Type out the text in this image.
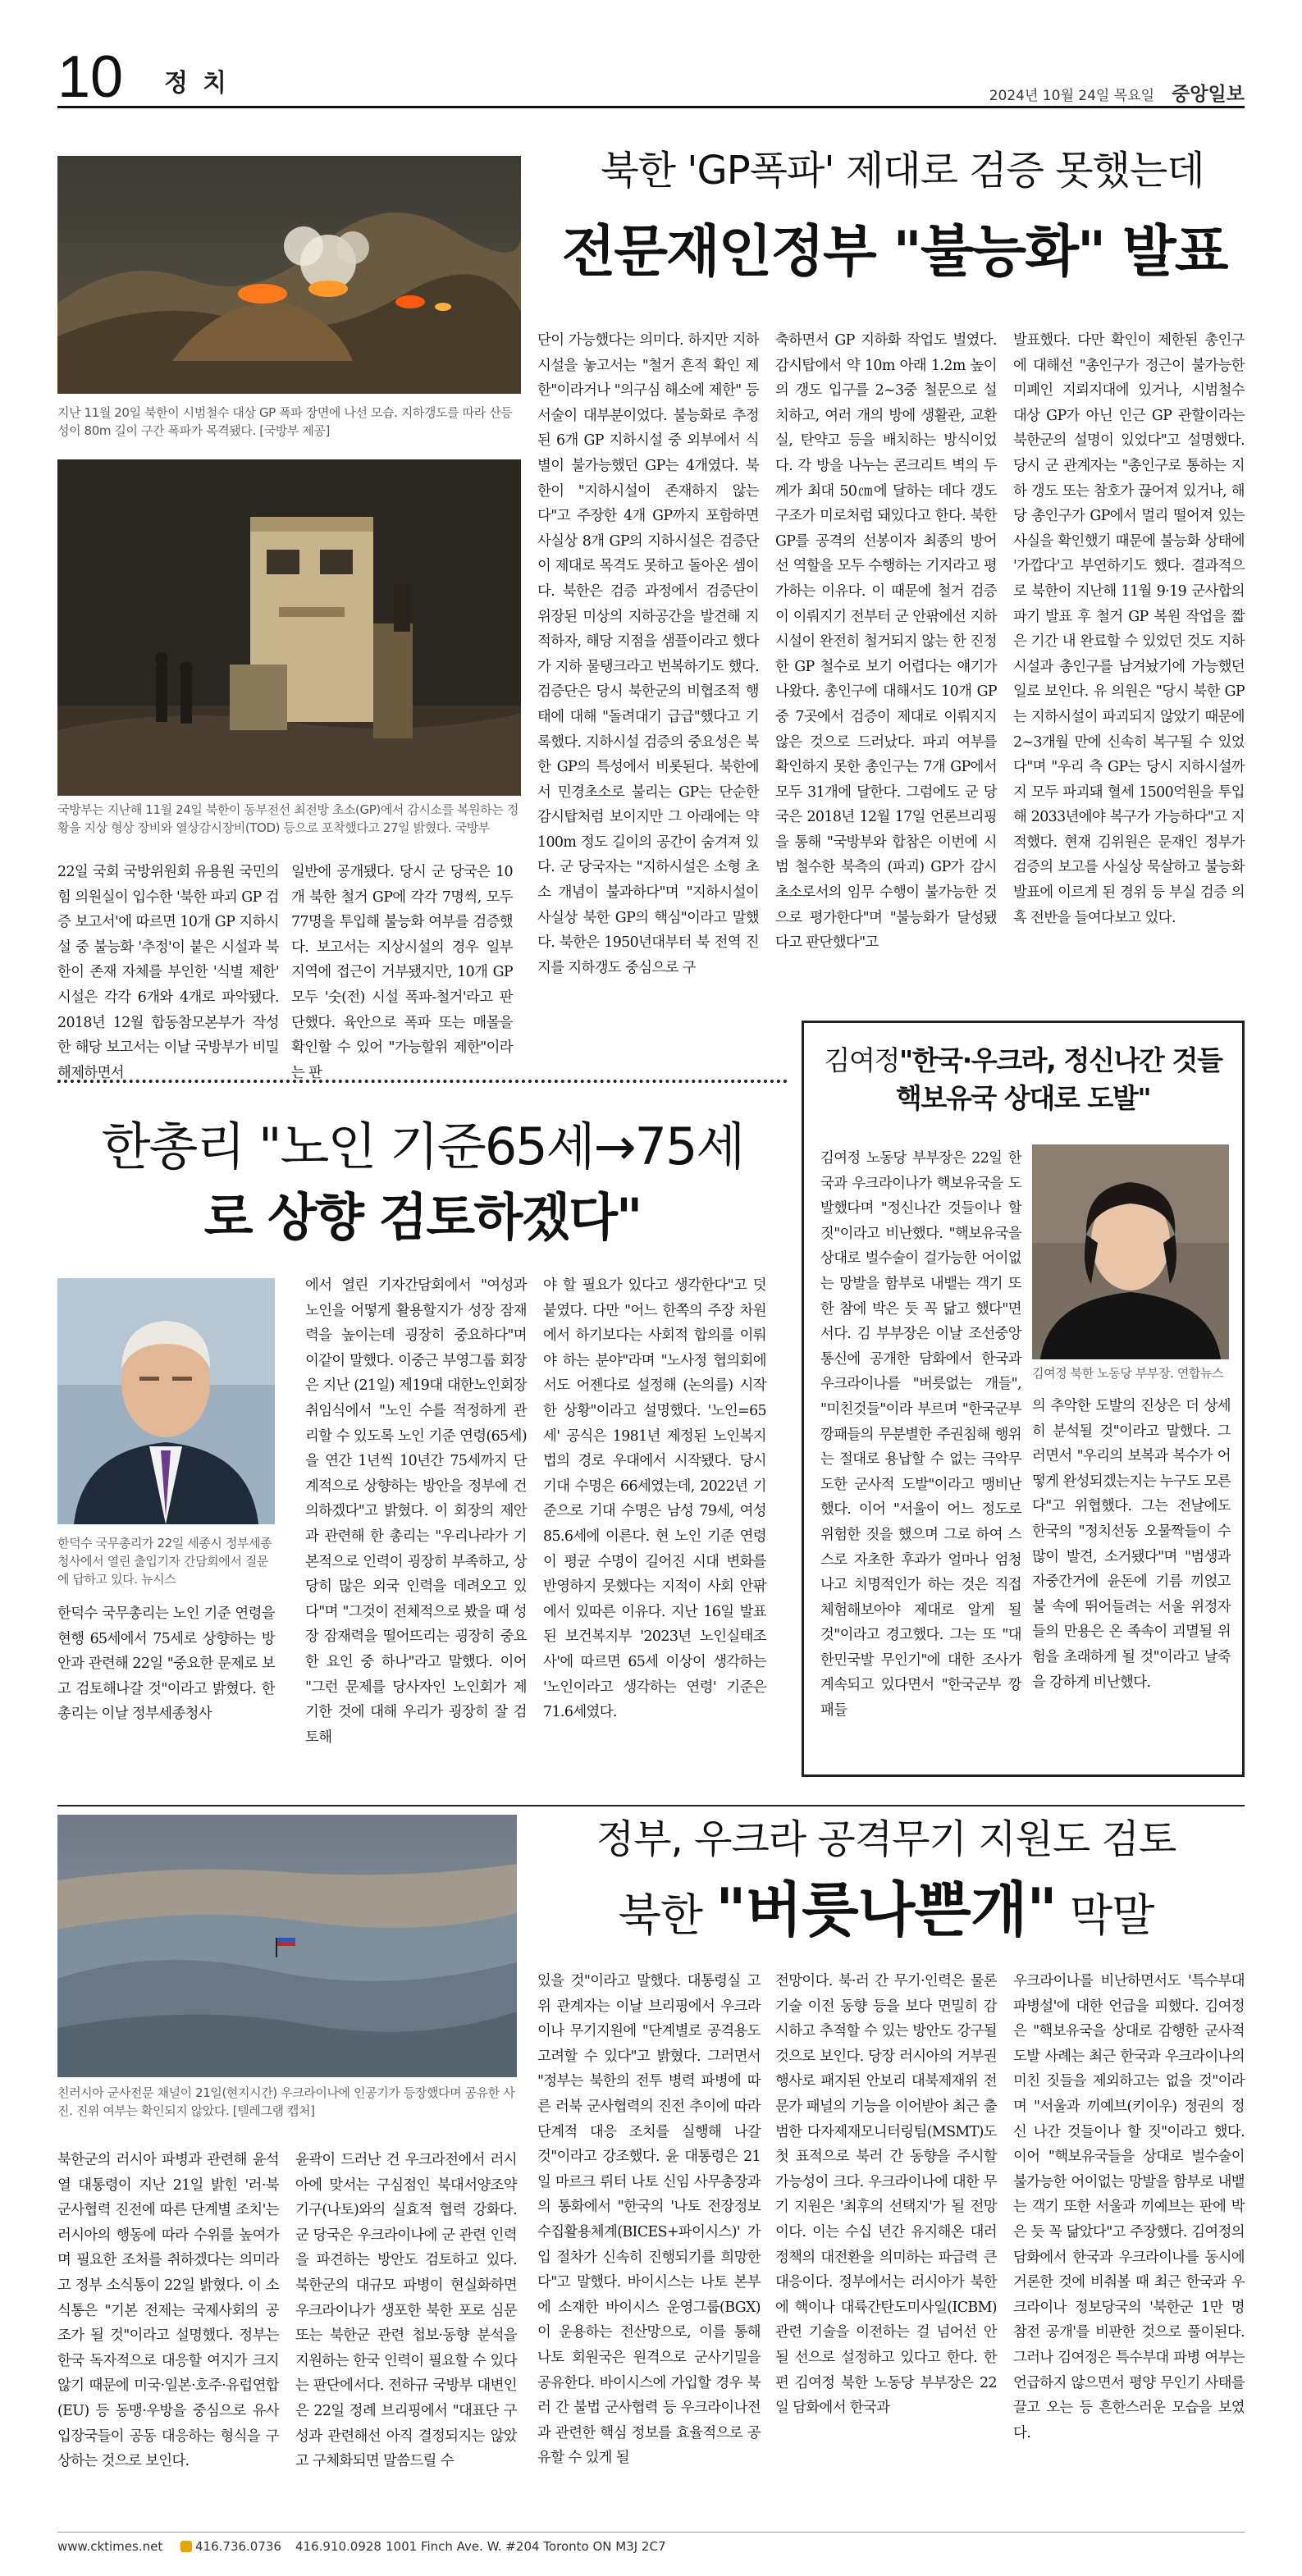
10 정치	2024년 10월 24일 목요일 중앙일보
지난 11월 20일 북한이 시범철수 대상 GP 폭파 장면에 나선 모습. 지하갱도를 따라 산등성이 80m 길이 구간 폭파가 목격됐다. [국방부 제공]
국방부는 지난해 11월 24일 북한이 동부전선 최전방 초소(GP)에서 감시소를 복원하는 정황을 지상 형상 장비와 열상감시장비(TOD) 등으로 포착했다고 27일 밝혔다. 국방부
북한 'GP폭파' 제대로 검증 못했는데
전문재인정부 "불능화" 발표
22일 국회 국방위원회 유용원 국민의힘 의원실이 입수한 '북한 파괴 GP 검증 보고서'에 따르면 10개 GP 지하시설 중 불능화 '추정'이 붙은 시설과 북한이 존재 자체를 부인한 '식별 제한' 시설은 각각 6개와 4개로 파악됐다. 2018년 12월 합동참모본부가 작성한 해당 보고서는 이날 국방부가 비밀해제하면서
일반에 공개됐다. 당시 군 당국은 10개 북한 철거 GP에 각각 7명씩, 모두 77명을 투입해 불능화 여부를 검증했다. 보고서는 지상시설의 경우 일부 지역에 접근이 거부됐지만, 10개 GP 모두 '숫(전) 시설 폭파-철거'라고 판단했다. 육안으로 폭파 또는 매몰을 확인할 수 있어 "가능할위 제한"이라는 판
단이 가능했다는 의미다. 하지만 지하시설을 놓고서는 "철거 흔적 확인 제한"이라거나 "의구심 해소에 제한" 등 서술이 대부분이었다. 불능화로 추정된 6개 GP 지하시설 중 외부에서 식별이 불가능했던 GP는 4개였다. 북한이 "지하시설이 존재하지 않는다"고 주장한 4개 GP까지 포함하면 사실상 8개 GP의 지하시설은 검증단이 제대로 목격도 못하고 돌아온 셈이다. 북한은 검증 과정에서 검증단이 위장된 미상의 지하공간을 발견해 지적하자, 해당 지점을 샘플이라고 했다가 지하 물탱크라고 번복하기도 했다. 검증단은 당시 북한군의 비협조적 행태에 대해 "돌려대기 급급"했다고 기록했다. 지하시설 검증의 중요성은 북한 GP의 특성에서 비롯된다. 북한에서 민경초소로 불리는 GP는 단순한 감시탑처럼 보이지만 그 아래에는 약 100m 정도 길이의 공간이 숨겨져 있다. 군 당국자는 "지하시설은 소형 초소 개념이 불과하다"며 "지하시설이 사실상 북한 GP의 핵심"이라고 말했다. 북한은 1950년대부터 북 전역 진지를 지하갱도 중심으로 구
축하면서 GP 지하화 작업도 벌였다. 감시탑에서 약 10m 아래 1.2m 높이의 갱도 입구를 2~3중 철문으로 설치하고, 여러 개의 방에 생활관, 교환실, 탄약고 등을 배치하는 방식이었다. 각 방을 나누는 콘크리트 벽의 두께가 최대 50㎝에 달하는 데다 갱도 구조가 미로처럼 돼있다고 한다. 북한 GP를 공격의 선봉이자 최종의 방어선 역할을 모두 수행하는 기지라고 평가하는 이유다. 이 때문에 철거 검증이 이뤄지기 전부터 군 안팎에선 지하시설이 완전히 철거되지 않는 한 진정한 GP 철수로 보기 어렵다는 얘기가 나왔다. 총인구에 대해서도 10개 GP 중 7곳에서 검증이 제대로 이뤄지지 않은 것으로 드러났다. 파괴 여부를 확인하지 못한 총인구는 7개 GP에서 모두 31개에 달한다. 그럼에도 군 당국은 2018년 12월 17일 언론브리핑을 통해 "국방부와 합참은 이번에 시범 철수한 북측의 (파괴) GP가 감시초소로서의 임무 수행이 불가능한 것으로 평가한다"며 "불능화가 달성됐다고 판단했다"고
발표했다. 다만 확인이 제한된 총인구에 대해선 "총인구가 정근이 불가능한 미폐인 지뢰지대에 있거나, 시범철수 대상 GP가 아닌 인근 GP 관할이라는 북한군의 설명이 있었다"고 설명했다. 당시 군 관계자는 "총인구로 통하는 지하 갱도 또는 참호가 끊어져 있거나, 해당 총인구가 GP에서 멀리 떨어져 있는 사실을 확인했기 때문에 불능화 상태에 '가깝다'고 부연하기도 했다. 결과적으로 북한이 지난해 11월 9·19 군사합의 파기 발표 후 철거 GP 복원 작업을 짧은 기간 내 완료할 수 있었던 것도 지하시설과 총인구를 남겨놨기에 가능했던 일로 보인다. 유 의원은 "당시 북한 GP는 지하시설이 파괴되지 않았기 때문에 2~3개월 만에 신속히 복구될 수 있었다"며 "우리 측 GP는 당시 지하시설까지 모두 파괴돼 혈세 1500억원을 투입해 2033년에야 복구가 가능하다"고 지적했다. 현재 김위원은 문재인 정부가 검증의 보고를 사실상 묵살하고 불능화 발표에 이르게 된 경위 등 부실 검증 의혹 전반을 들여다보고 있다.
한총리 "노인 기준65세→75세
로 상향 검토하겠다"
한덕수 국무총리가 22일 세종시 정부세종청사에서 열린 출입기자 간담회에서 질문에 답하고 있다. 뉴시스
한덕수 국무총리는 노인 기준 연령을 현행 65세에서 75세로 상향하는 방안과 관련해 22일 "중요한 문제로 보고 검토해나갈 것"이라고 밝혔다. 한 총리는 이날 정부세종청사
에서 열린 기자간담회에서 "여성과 노인을 어떻게 활용할지가 성장 잠재력을 높이는데 굉장히 중요하다"며 이같이 말했다. 이중근 부영그룹 회장은 지난 (21일) 제19대 대한노인회장 취임식에서 "노인 수를 적정하게 관리할 수 있도록 노인 기준 연령(65세)을 연간 1년씩 10년간 75세까지 단계적으로 상향하는 방안을 정부에 건의하겠다"고 밝혔다. 이 회장의 제안과 관련해 한 총리는 "우리나라가 기본적으로 인력이 굉장히 부족하고, 상당히 많은 외국 인력을 데려오고 있다"며 "그것이 전체적으로 봤을 때 성장 잠재력을 떨어뜨리는 굉장히 중요한 요인 중 하나"라고 말했다. 이어 "그런 문제를 당사자인 노인회가 제기한 것에 대해 우리가 굉장히 잘 검토해
야 할 필요가 있다고 생각한다"고 덧붙였다. 다만 "어느 한쪽의 주장 차원에서 하기보다는 사회적 합의를 이뤄야 하는 분야"라며 "노사정 협의회에서도 어젠다로 설정해 (논의를) 시작한 상황"이라고 설명했다. '노인=65세' 공식은 1981년 제정된 노인복지법의 경로 우대에서 시작됐다. 당시 기대 수명은 66세였는데, 2022년 기준으로 기대 수명은 남성 79세, 여성 85.6세에 이른다. 현 노인 기준 연령이 평균 수명이 길어진 시대 변화를 반영하지 못했다는 지적이 사회 안팎에서 있따른 이유다. 지난 16일 발표된 보건복지부 '2023년 노인실태조사'에 따르면 65세 이상이 생각하는 '노인이라고 생각하는 연령' 기준은 71.6세였다.
김여정"한국·우크라, 정신나간 것들
핵보유국 상대로 도발"
김여정 노동당 부부장은 22일 한국과 우크라이나가 핵보유국을 도발했다며 "정신나간 것들이나 할 짓"이라고 비난했다. "핵보유국을 상대로 벌수술이 걸가능한 어이없는 망발을 함부로 내뱉는 객기 또한 참에 박은 듯 꼭 닮고 했다"면서다. 김 부부장은 이날 조선중앙통신에 공개한 담화에서 한국과 우크라이나를 "버릇없는 개들", "미친것들"이라 부르며 "한국군부 깡패들의 무분별한 주권침해 행위는 절대로 용납할 수 없는 극악무도한 군사적 도발"이라고 맹비난했다. 이어 "서울이 어느 정도로 위험한 짓을 했으며 그로 하여 스스로 자초한 후과가 얼마나 엄청나고 치명적인가 하는 것은 직접 체험해보아야 제대로 알게 될 것"이라고 경고했다. 그는 또 "대한민국발 무인기"에 대한 조사가 계속되고 있다면서 "한국군부 깡패들
김여정 북한 노동당 부부장. 연합뉴스
의 추악한 도발의 진상은 더 상세히 분석될 것"이라고 말했다. 그러면서 "우리의 보복과 복수가 어떻게 완성되겠는지는 누구도 모른다"고 위협했다. 그는 전날에도 한국의 "정치선동 오물짝들이 수많이 발견, 소거됐다"며 "범생과 자중간거에 윤돈에 기름 끼얹고 불 속에 뛰어들려는 서울 위정자들의 만용은 온 족속이 괴멸될 위험을 초래하게 될 것"이라고 날죽을 강하게 비난했다.
친러시아 군사전문 채널이 21일(현지시간) 우크라이나에 인공기가 등장했다며 공유한 사진. 진위 여부는 확인되지 않았다. [텔레그램 캡처]
정부, 우크라 공격무기 지원도 검토
북한 "버릇나쁜개" 막말
북한군의 러시아 파병과 관련해 윤석열 대통령이 지난 21일 밝힌 '러·북 군사협력 진전에 따른 단계별 조치'는 러시아의 행동에 따라 수위를 높여가며 필요한 조처를 취하겠다는 의미라고 정부 소식통이 22일 밝혔다. 이 소식통은 "기본 전제는 국제사회의 공조가 될 것"이라고 설명했다. 정부는 한국 독자적으로 대응할 여지가 크지 않기 때문에 미국·일본·호주·유럽연합(EU) 등 동맹·우방을 중심으로 유사 입장국들이 공동 대응하는 형식을 구상하는 것으로 보인다.
윤곽이 드러난 건 우크라전에서 러시아에 맞서는 구심점인 북대서양조약기구(나토)와의 실효적 협력 강화다. 군 당국은 우크라이나에 군 관련 인력을 파견하는 방안도 검토하고 있다. 북한군의 대규모 파병이 현실화하면 우크라이나가 생포한 북한 포로 심문 또는 북한군 관련 첩보·동향 분석을 지원하는 한국 인력이 필요할 수 있다는 판단에서다. 전하규 국방부 대변인은 22일 정례 브리핑에서 "대표단 구성과 관련해선 아직 결정되지는 않았고 구체화되면 말씀드릴 수
있을 것"이라고 말했다. 대통령실 고위 관계자는 이날 브리핑에서 우크라이나 무기지원에 "단계별로 공격용도 고려할 수 있다"고 밝혔다. 그러면서 "정부는 북한의 전투 병력 파병에 따른 러북 군사협력의 진전 추이에 따라 단계적 대응 조치를 실행해 나갈 것"이라고 강조했다. 윤 대통령은 21일 마르크 뤼터 나토 신임 사무총장과의 통화에서 "한국의 '나토 전장정보수집활용체계(BICES+파이시스)' 가입 절차가 신속히 진행되기를 희망한다"고 말했다. 바이시스는 나토 본부에 소재한 바이시스 운영그룹(BGX)이 운용하는 전산망으로, 이를 통해 나토 회원국은 원격으로 군사기밀을 공유한다. 바이시스에 가입할 경우 북러 간 불법 군사협력 등 우크라이나전과 관련한 핵심 정보를 효율적으로 공유할 수 있게 될
전망이다. 북·러 간 무기·인력은 물론 기술 이전 동향 등을 보다 면밀히 감시하고 추적할 수 있는 방안도 강구될 것으로 보인다. 당장 러시아의 거부권 행사로 패지된 안보리 대북제재위 전문가 패널의 기능을 이어받아 최근 출범한 다자제재모니터링팀(MSMT)도 첫 표적으로 북러 간 동향을 주시할 가능성이 크다. 우크라이나에 대한 무기 지원은 '최후의 선택지'가 될 전망이다. 이는 수십 년간 유지해온 대러 정책의 대전환을 의미하는 파급력 큰 대응이다. 정부에서는 러시아가 북한에 핵이나 대륙간탄도미사일(ICBM) 관련 기술을 이전하는 걸 넘어선 안 될 선으로 설정하고 있다고 한다. 한편 김여정 북한 노동당 부부장은 22일 담화에서 한국과
우크라이나를 비난하면서도 '특수부대 파병설'에 대한 언급을 피했다. 김여정은 "핵보유국을 상대로 감행한 군사적 도발 사례는 최근 한국과 우크라이나의 미친 짓들을 제외하고는 없을 것"이라며 "서울과 끼예브(키이우) 정권의 정신 나간 것들이나 할 짓"이라고 했다. 이어 "핵보유국들을 상대로 벌수술이 불가능한 어이없는 망발을 함부로 내뱉는 객기 또한 서울과 끼예브는 판에 박은 듯 꼭 닮았다"고 주장했다. 김여정의 담화에서 한국과 우크라이나를 동시에 거론한 것에 비춰볼 때 최근 한국과 우크라이나 정보당국의 '북한군 1만 명 참전 공개'를 비판한 것으로 풀이된다. 그러나 김여정은 특수부대 파병 여부는 언급하지 않으면서 평양 무인기 사태를 끌고 오는 등 흔한스러운 모습을 보였다.
www.cktimes.net	416.736.0736 416.910.0928 1001 Finch Ave. W. #204 Toronto ON M3J 2C7
